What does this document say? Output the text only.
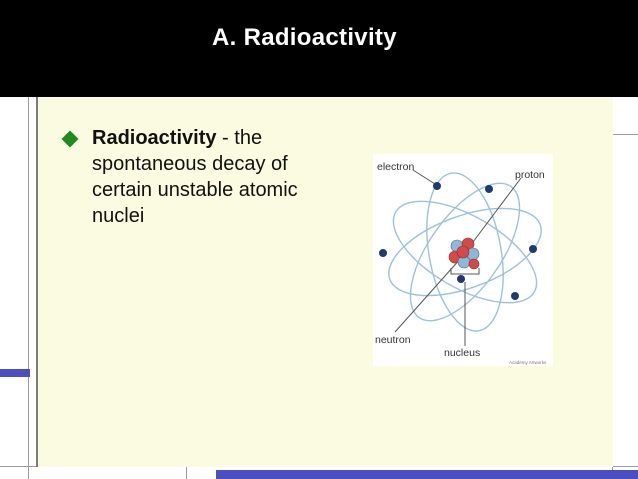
A. Radioactivity
Radioactivity - the spontaneous decay of certain unstable atomic nuclei
electron
proton
neutron
nucleus
Academy Artworks
